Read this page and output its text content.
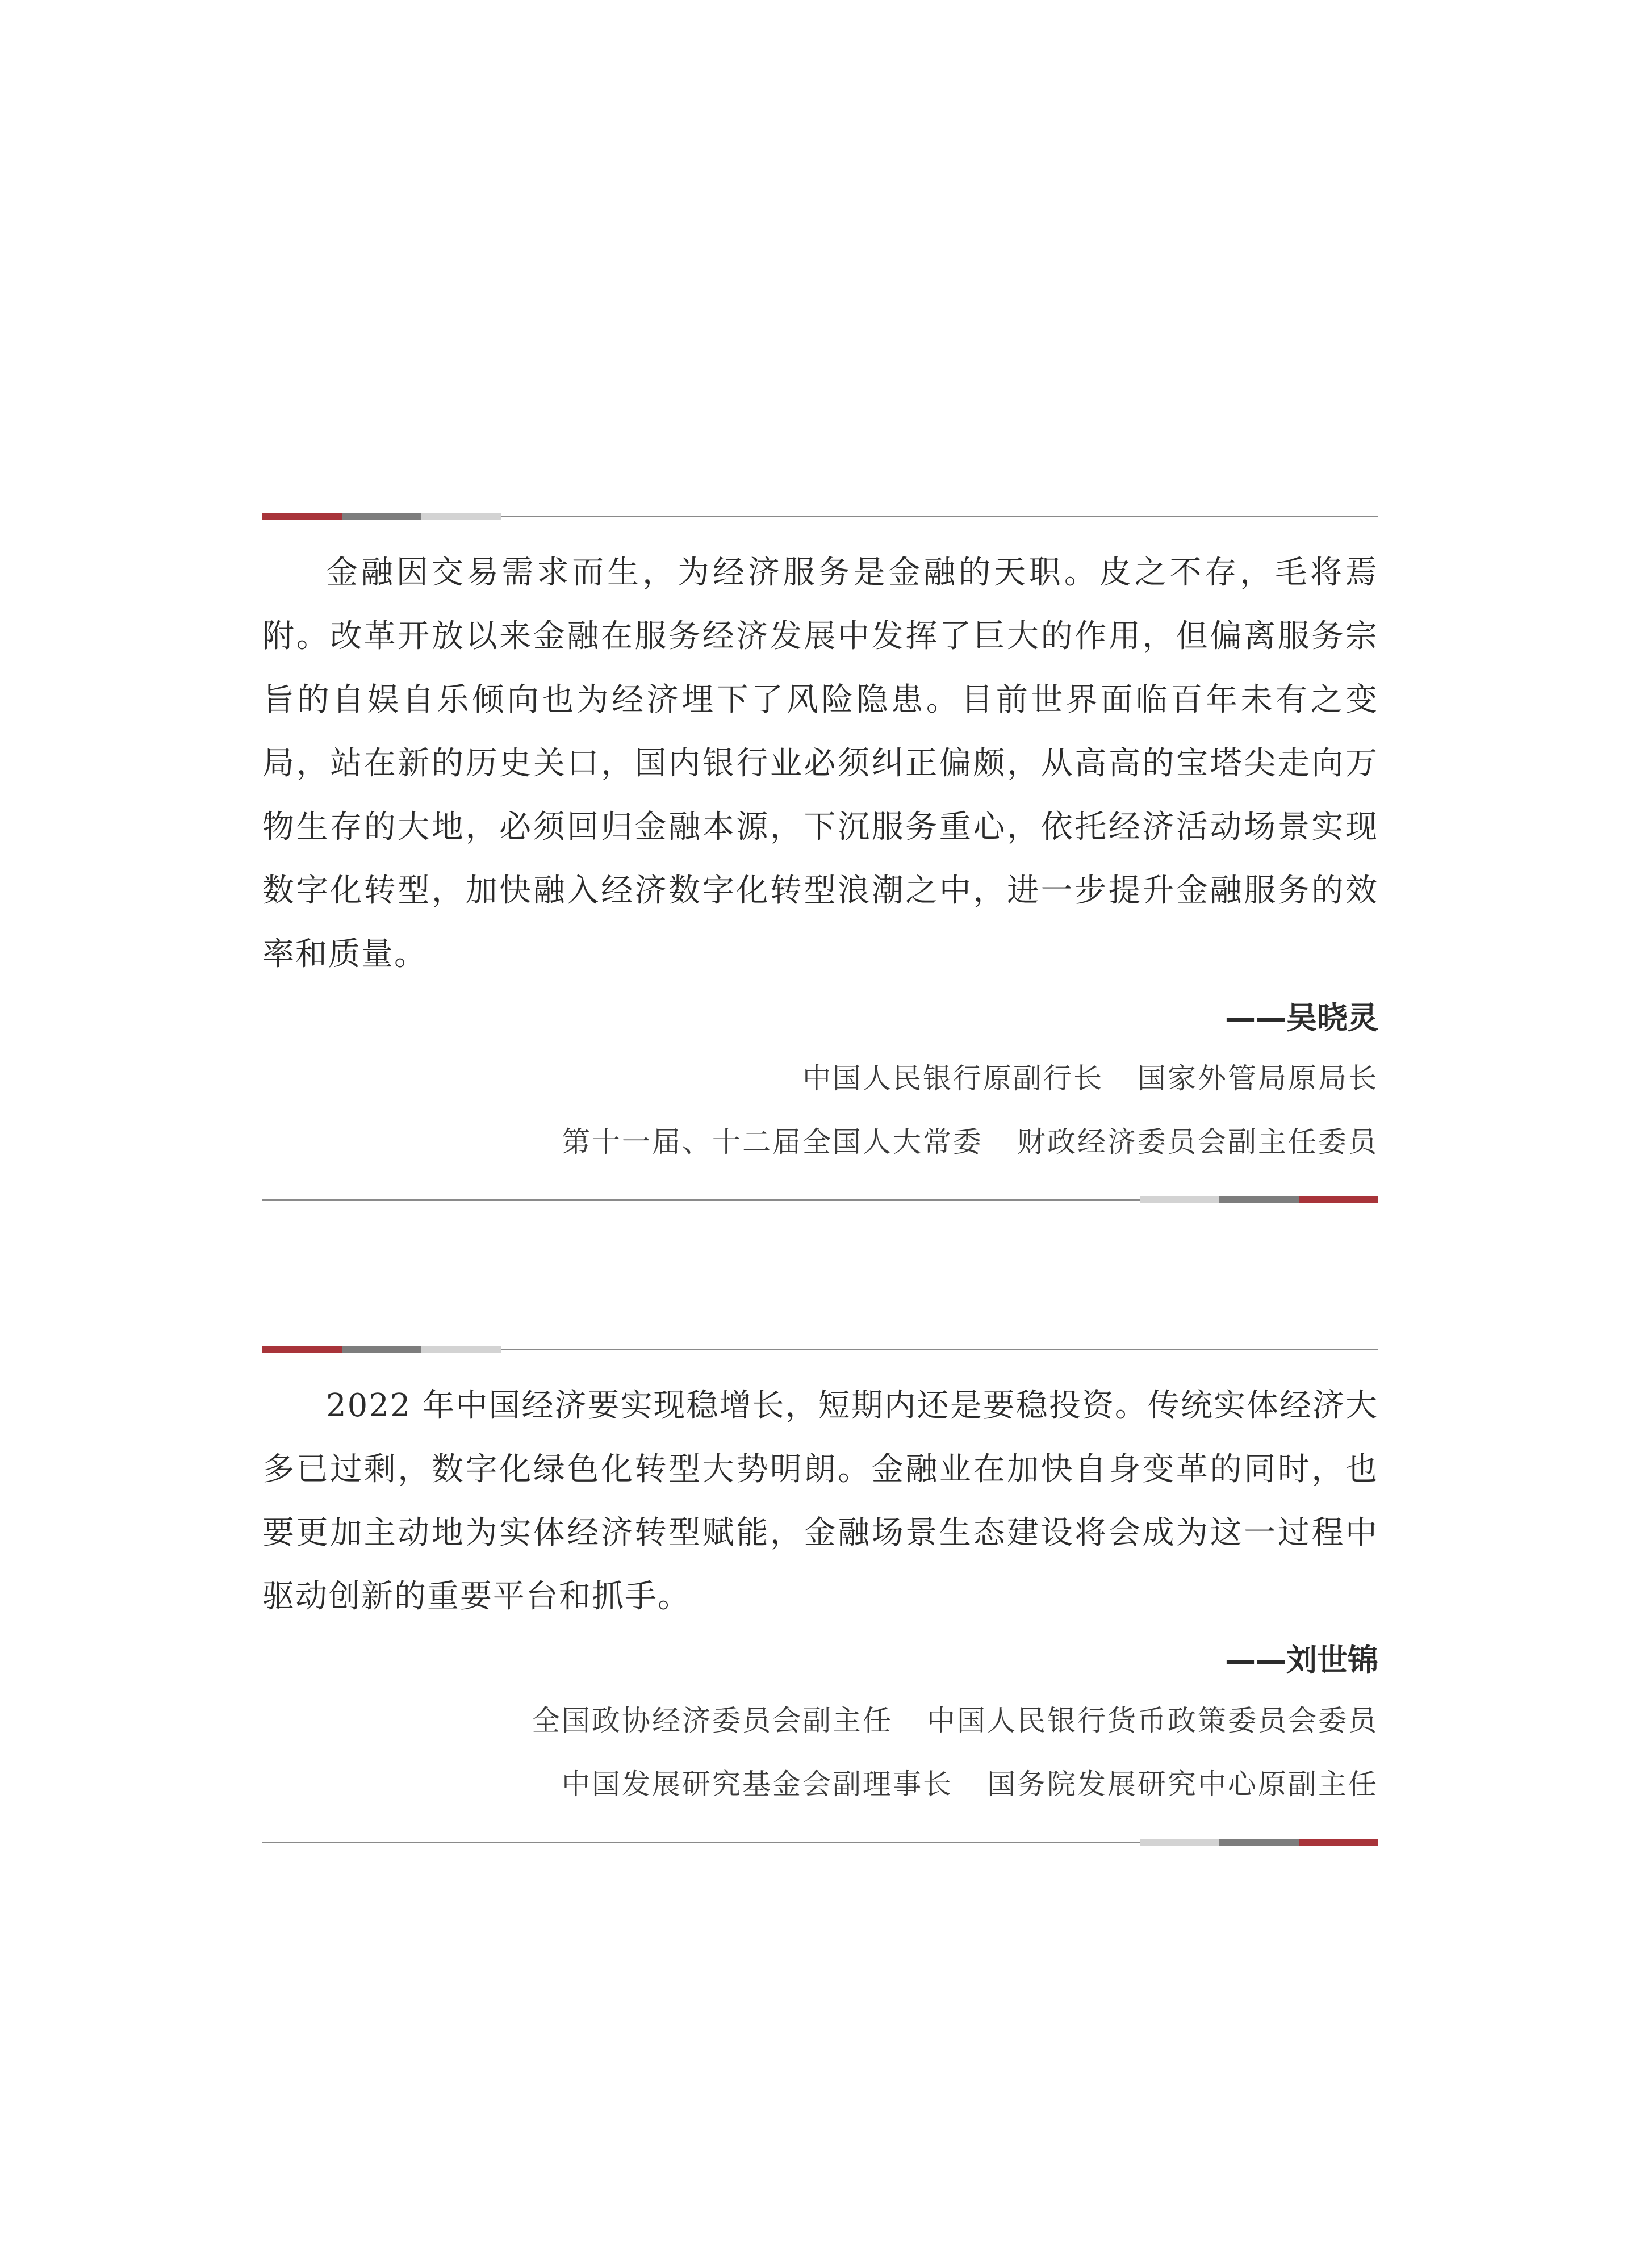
金融因交易需求而生，为经济服务是金融的天职。皮之不存，毛将焉附。改革开放以来金融在服务经济发展中发挥了巨大的作用，但偏离服务宗旨的自娱自乐倾向也为经济埋下了风险隐患。目前世界面临百年未有之变局，站在新的历史关口，国内银行业必须纠正偏颇，从高高的宝塔尖走向万物生存的大地，必须回归金融本源，下沉服务重心，依托经济活动场景实现数字化转型，加快融入经济数字化转型浪潮之中，进一步提升金融服务的效率和质量。

——吴晓灵
中国人民银行原副行长 国家外管局原局长
第十一届、十二届全国人大常委 财政经济委员会副主任委员

2022 年中国经济要实现稳增长，短期内还是要稳投资。传统实体经济大多已过剩，数字化绿色化转型大势明朗。金融业在加快自身变革的同时，也要更加主动地为实体经济转型赋能，金融场景生态建设将会成为这一过程中驱动创新的重要平台和抓手。

——刘世锦
全国政协经济委员会副主任 中国人民银行货币政策委员会委员
中国发展研究基金会副理事长 国务院发展研究中心原副主任
